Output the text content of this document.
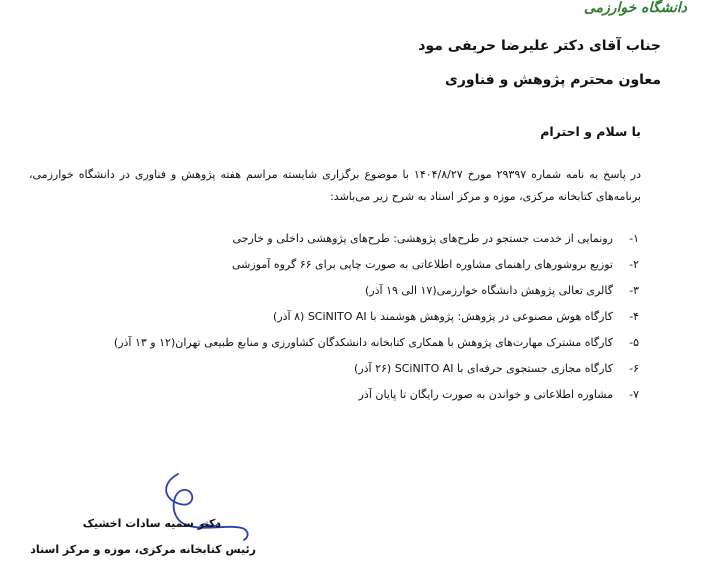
دانشگاه خوارزمی
جناب آقای دکتر علیرضا حریفی مود
معاون محترم پژوهش و فناوری
با سلام و احترام
در پاسخ به نامه شماره ۲۹۳۹۷ مورخ ۱۴۰۴/۸/۲۷ با موضوع برگزاری شایسته مراسم هفته پژوهش و فناوری در دانشگاه خوارزمی، برنامه‌های کتابخانه مرکزی، موزه و مرکز اسناد به شرح زیر می‌باشد:
۱-رونمایی از خدمت جستجو در طرح‌های پژوهشی: طرح‌های پژوهشی داخلی و خارجی
۲-توزیع بروشورهای راهنمای مشاوره اطلاعاتی به صورت چاپی برای ۶۶ گروه آموزشی
۳-گالری تعالی پژوهش دانشگاه خوارزمی(۱۷ الی ۱۹ آذر)
۴-کارگاه هوش مصنوعی در پژوهش: پژوهش هوشمند با SCiNITO AI (۸ آذر)
۵-کارگاه مشترک مهارت‌های پژوهش با همکاری کتابخانه دانشکدگان کشاورزی و منابع طبیعی تهران(۱۲ و ۱۳ آذر)
۶-کارگاه مجازی جستجوی حرفه‌ای با SCiNITO AI (۲۶ آذر)
۷-مشاوره اطلاعاتی و خواندن به صورت رایگان تا پایان آذر
دکتر سمیه سادات اخشیک
رئیس کتابخانه مرکزی، موزه و مرکز اسناد
